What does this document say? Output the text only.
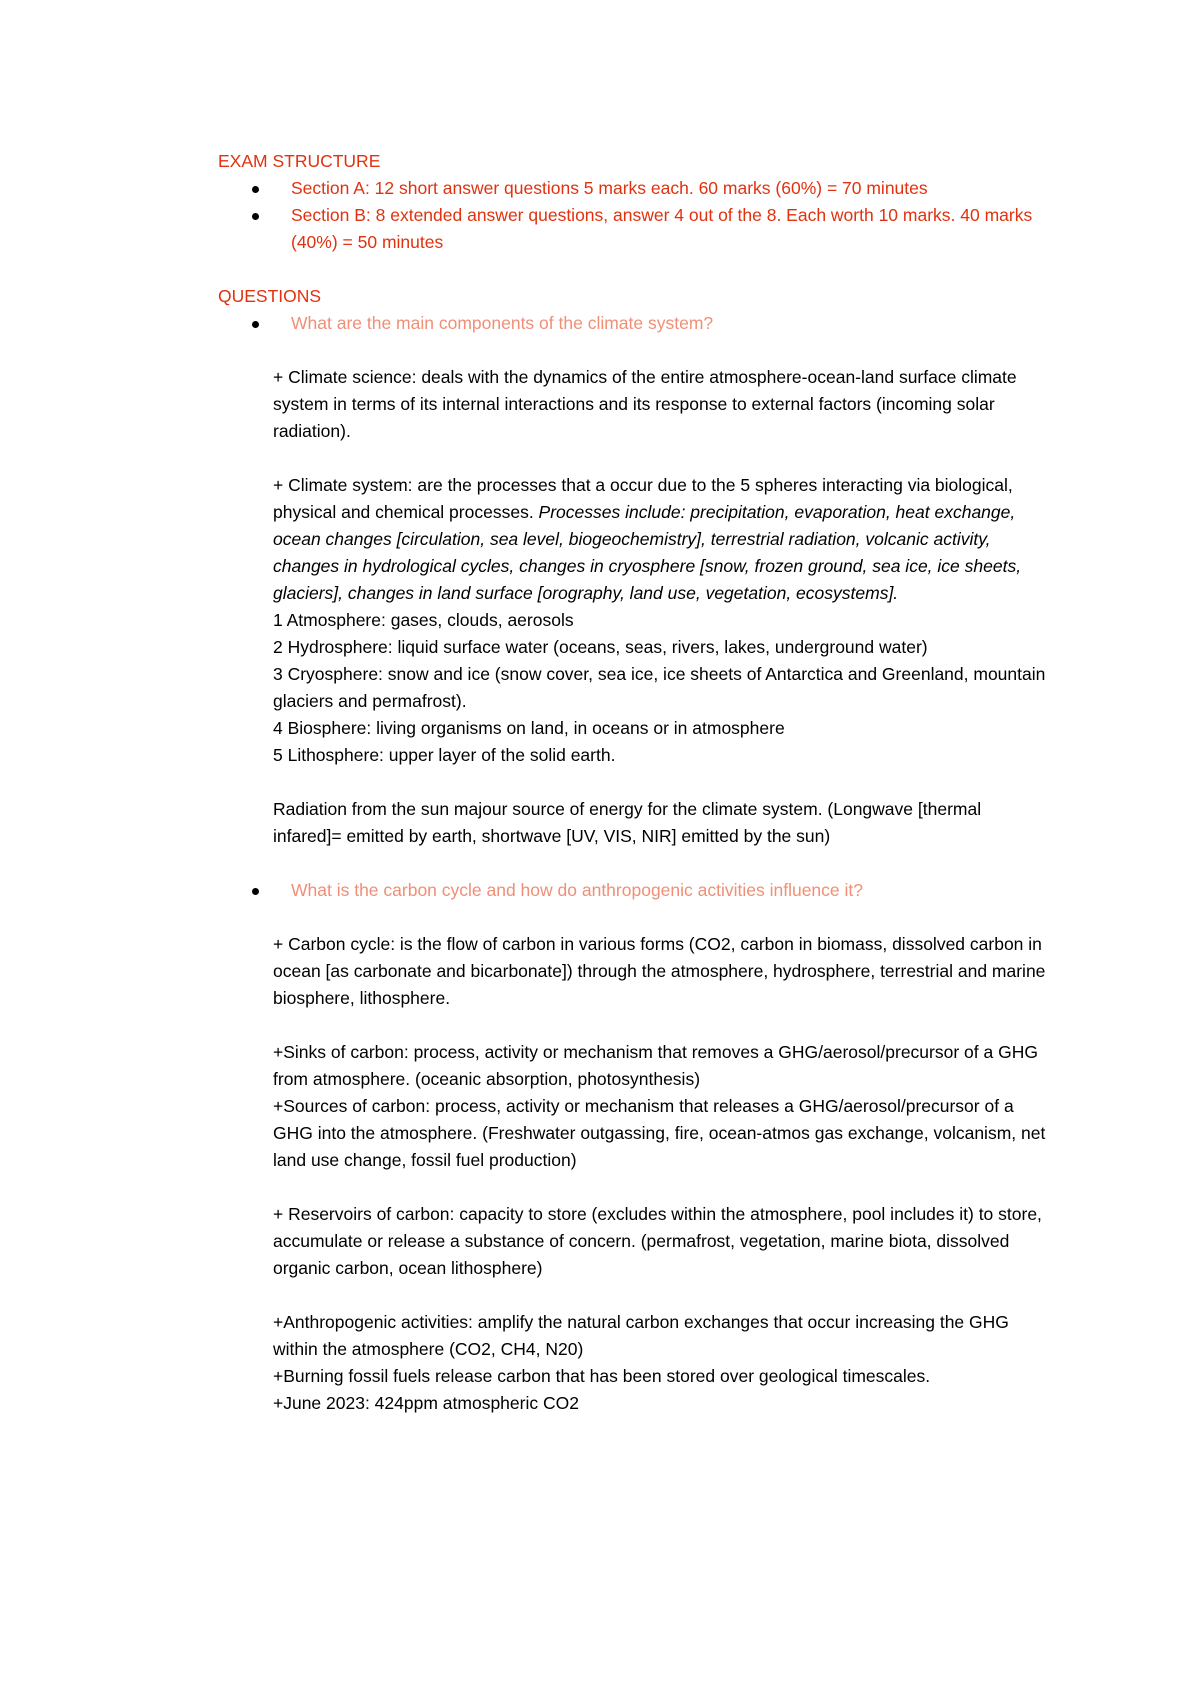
EXAM STRUCTURE
Section A: 12 short answer questions 5 marks each. 60 marks (60%) = 70 minutes
Section B: 8 extended answer questions, answer 4 out of the 8. Each worth 10 marks. 40 marks (40%) = 50 minutes
QUESTIONS
What are the main components of the climate system?

+ Climate science: deals with the dynamics of the entire atmosphere-ocean-land surface climate system in terms of its internal interactions and its response to external factors (incoming solar radiation).

+ Climate system: are the processes that a occur due to the 5 spheres interacting via biological, physical and chemical processes. Processes include: precipitation, evaporation, heat exchange, ocean changes [circulation, sea level, biogeochemistry], terrestrial radiation, volcanic activity, changes in hydrological cycles, changes in cryosphere [snow, frozen ground, sea ice, ice sheets, glaciers], changes in land surface [orography, land use, vegetation, ecosystems].

1 Atmosphere: gases, clouds, aerosols

2 Hydrosphere: liquid surface water (oceans, seas, rivers, lakes, underground water)

3 Cryosphere: snow and ice (snow cover, sea ice, ice sheets of Antarctica and Greenland, mountain glaciers and permafrost).

4 Biosphere: living organisms on land, in oceans or in atmosphere

5 Lithosphere: upper layer of the solid earth.

Radiation from the sun majour source of energy for the climate system. (Longwave [thermal infared]= emitted by earth, shortwave [UV, VIS, NIR] emitted by the sun)

What is the carbon cycle and how do anthropogenic activities influence it?

+ Carbon cycle: is the flow of carbon in various forms (CO2, carbon in biomass, dissolved carbon in ocean [as carbonate and bicarbonate]) through the atmosphere, hydrosphere, terrestrial and marine biosphere, lithosphere.

+Sinks of carbon: process, activity or mechanism that removes a GHG/aerosol/precursor of a GHG from atmosphere. (oceanic absorption, photosynthesis)

+Sources of carbon: process, activity or mechanism that releases a GHG/aerosol/precursor of a GHG into the atmosphere. (Freshwater outgassing, fire, ocean-atmos gas exchange, volcanism, net land use change, fossil fuel production)

+ Reservoirs of carbon: capacity to store (excludes within the atmosphere, pool includes it) to store, accumulate or release a substance of concern. (permafrost, vegetation, marine biota, dissolved organic carbon, ocean lithosphere)

+Anthropogenic activities: amplify the natural carbon exchanges that occur increasing the GHG within the atmosphere (CO2, CH4, N20)

+Burning fossil fuels release carbon that has been stored over geological timescales.

+June 2023: 424ppm atmospheric CO2
